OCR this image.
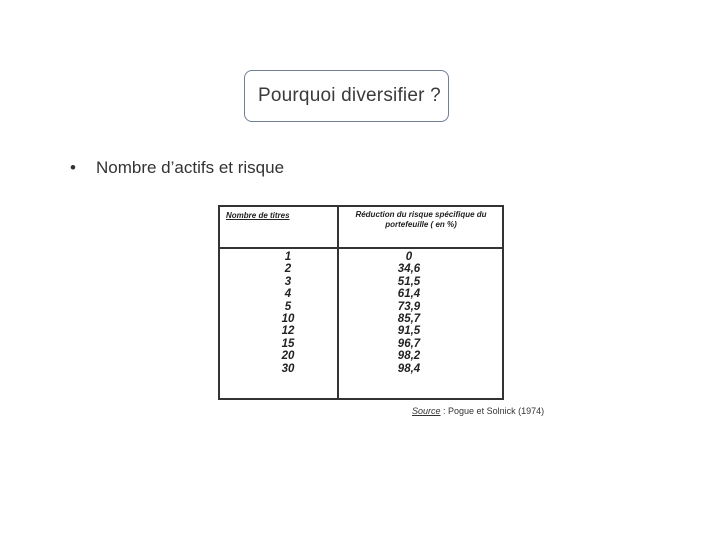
Pourquoi diversifier ?
•	Nombre d’actifs et risque
Nombre de titres	Réduction du risque spécifique du portefeuille ( en %)
1
2
3
4
5
10
12
15
20
30
0
34,6
51,5
61,4
73,9
85,7
91,5
96,7
98,2
98,4
Source : Pogue et Solnick (1974)
